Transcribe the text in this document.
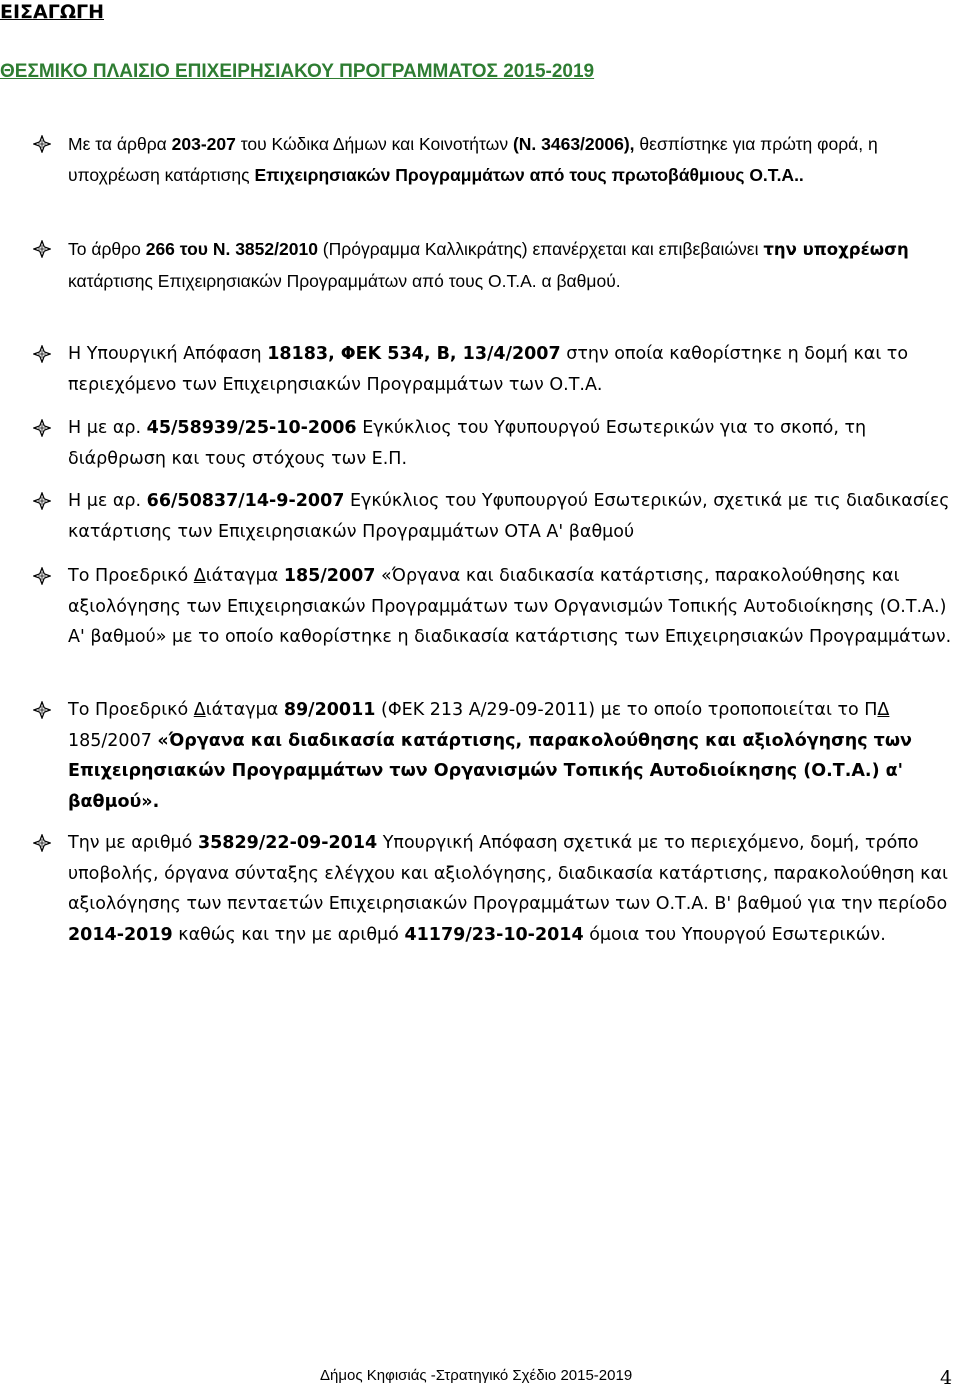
ΕΙΣΑΓΩΓΗ
ΘΕΣΜΙΚΟ ΠΛΑΙΣΙΟ ΕΠΙΧΕΙΡΗΣΙΑΚΟΥ ΠΡΟΓΡΑΜΜΑΤΟΣ 2015-2019
Με τα άρθρα 203-207 του Κώδικα Δήμων και Κοινοτήτων (Ν. 3463/2006), θεσπίστηκε για πρώτη φορά, η υποχρέωση κατάρτισης Επιχειρησιακών Προγραμμάτων από τους πρωτοβάθμιους Ο.Τ.Α..
Το άρθρο 266 του Ν. 3852/2010 (Πρόγραμμα Καλλικράτης) επανέρχεται και επιβεβαιώνει την υποχρέωση κατάρτισης Επιχειρησιακών Προγραμμάτων από τους Ο.Τ.Α. α βαθμού.
Η Υπουργική Απόφαση 18183, ΦΕΚ 534, Β, 13/4/2007 στην οποία καθορίστηκε η δομή και το περιεχόμενο των Επιχειρησιακών Προγραμμάτων των Ο.Τ.Α.
Η με αρ. 45/58939/25-10-2006 Εγκύκλιος του Υφυπουργού Εσωτερικών για το σκοπό, τη διάρθρωση και τους στόχους των Ε.Π.
Η με αρ. 66/50837/14-9-2007 Εγκύκλιος του Υφυπουργού Εσωτερικών, σχετικά με τις διαδικασίες κατάρτισης των Επιχειρησιακών Προγραμμάτων ΟΤΑ Α' βαθμού
Το Προεδρικό Διάταγμα 185/2007 «Όργανα και διαδικασία κατάρτισης, παρακολούθησης και αξιολόγησης των Επιχειρησιακών Προγραμμάτων των Οργανισμών Τοπικής Αυτοδιοίκησης (Ο.Τ.Α.) Α' βαθμού» με το οποίο καθορίστηκε η διαδικασία κατάρτισης των Επιχειρησιακών Προγραμμάτων.
Το Προεδρικό Διάταγμα 89/20011 (ΦΕΚ 213 Α/29-09-2011) με το οποίο τροποποιείται το ΠΔ 185/2007 «Όργανα και διαδικασία κατάρτισης, παρακολούθησης και αξιολόγησης των Επιχειρησιακών Προγραμμάτων των Οργανισμών Τοπικής Αυτοδιοίκησης (Ο.Τ.Α.) α' βαθμού».
Την με αριθμό 35829/22-09-2014 Υπουργική Απόφαση σχετικά με το περιεχόμενο, δομή, τρόπο υποβολής, όργανα σύνταξης ελέγχου και αξιολόγησης, διαδικασία κατάρτισης, παρακολούθηση και αξιολόγησης των πενταετών Επιχειρησιακών Προγραμμάτων των Ο.Τ.Α. Β' βαθμού για την περίοδο 2014-2019 καθώς και την με αριθμό 41179/23-10-2014 όμοια του Υπουργού Εσωτερικών.
Δήμος Κηφισιάς -Στρατηγικό Σχέδιο 2015-2019	4
